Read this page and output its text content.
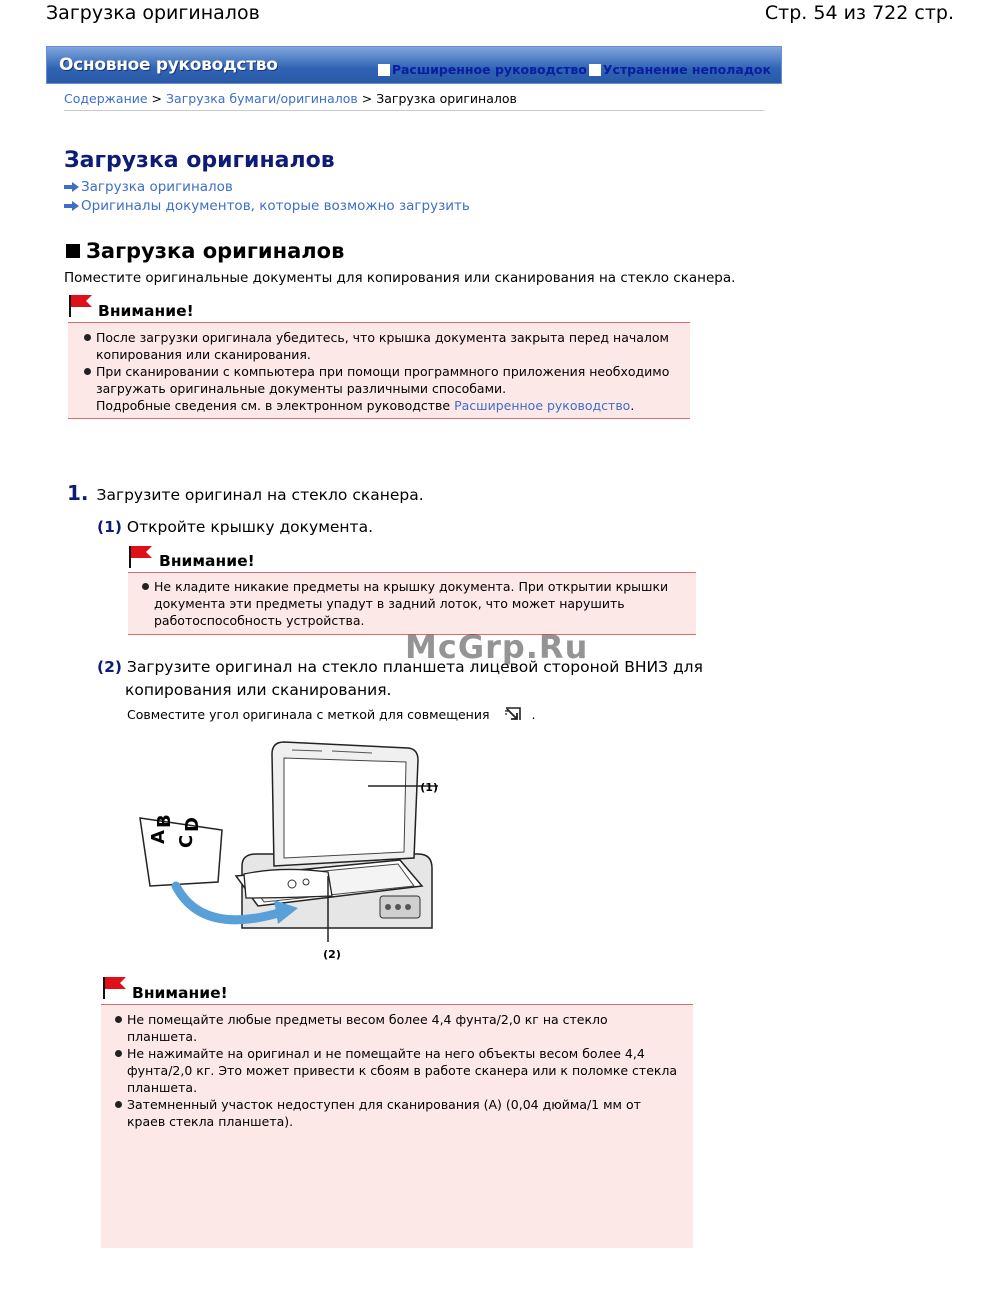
Загрузка оригиналов	Стр. 54 из 722 стр.
Основное руководство	Расширенное руководство Устранение неполадок
Содержание > Загрузка бумаги/оригиналов > Загрузка оригиналов
Загрузка оригиналов
Загрузка оригиналов
Оригиналы документов, которые возможно загрузить
Загрузка оригиналов
Поместите оригинальные документы для копирования или сканирования на стекло сканера.
Внимание!
После загрузки оригинала убедитесь, что крышка документа закрыта перед началом копирования или сканирования.
При сканировании с компьютера при помощи программного приложения необходимо загружать оригинальные документы различными способами.
Подробные сведения см. в электронном руководстве Расширенное руководство.
1. Загрузите оригинал на стекло сканера.
(1) Откройте крышку документа.
Внимание!
Не кладите никакие предметы на крышку документа. При открытии крышки документа эти предметы упадут в задний лоток, что может нарушить работоспособность устройства.
(2) Загрузите оригинал на стекло планшета лицевой стороной ВНИЗ для
копирования или сканирования.
Совместите угол оригинала с меткой для совмещения	.
A
B
C
D
(1)
(2)
Внимание!
Не помещайте любые предметы весом более 4,4 фунта/2,0 кг на стекло планшета.
Не нажимайте на оригинал и не помещайте на него объекты весом более 4,4 фунта/2,0 кг. Это может привести к сбоям в работе сканера или к поломке стекла планшета.
Затемненный участок недоступен для сканирования (A) (0,04 дюйма/1 мм от краев стекла планшета).
McGrp.Ru
